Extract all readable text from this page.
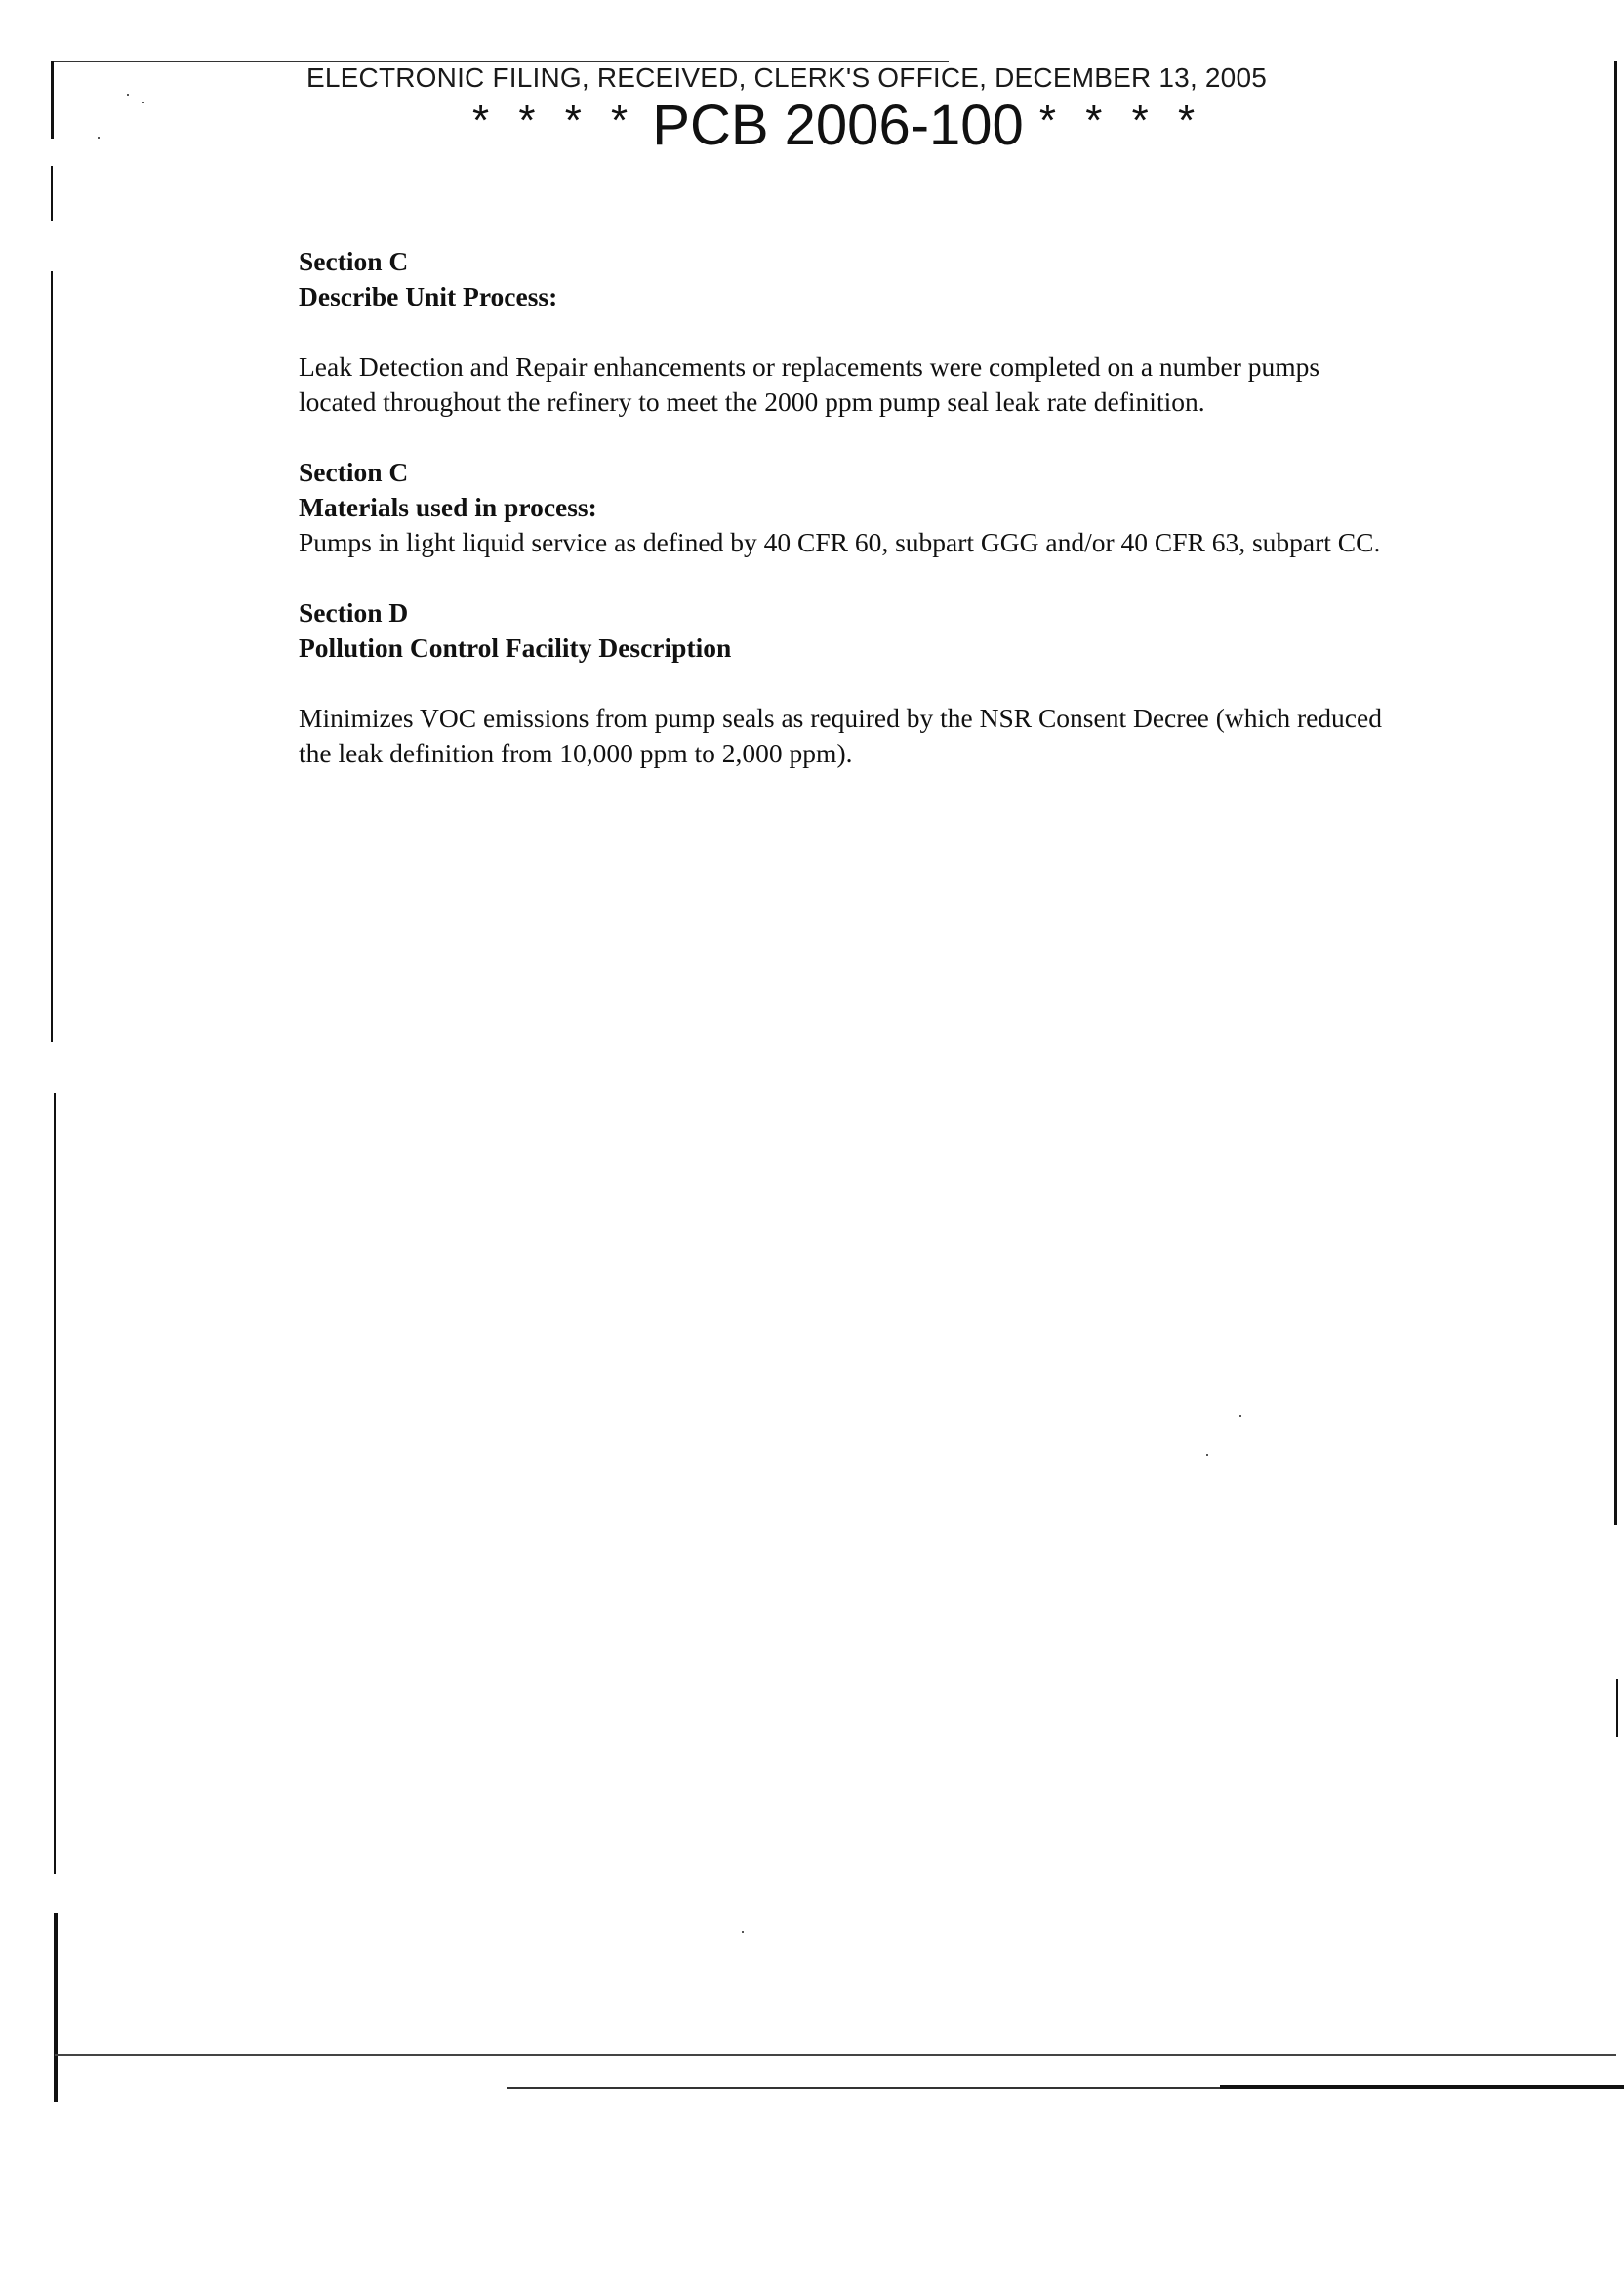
ELECTRONIC FILING, RECEIVED, CLERK'S OFFICE, DECEMBER 13, 2005
* * * * PCB 2006-100 * * * *
Section C
Describe Unit Process:
Leak Detection and Repair enhancements or replacements were completed on a number pumps located throughout the refinery to meet the 2000 ppm pump seal leak rate definition.
Section C
Materials used in process:
Pumps in light liquid service as defined by 40 CFR 60, subpart GGG and/or 40 CFR 63, subpart CC.
Section D
Pollution Control Facility Description
Minimizes VOC emissions from pump seals as required by the NSR Consent Decree (which reduced the leak definition from 10,000 ppm to 2,000 ppm).
